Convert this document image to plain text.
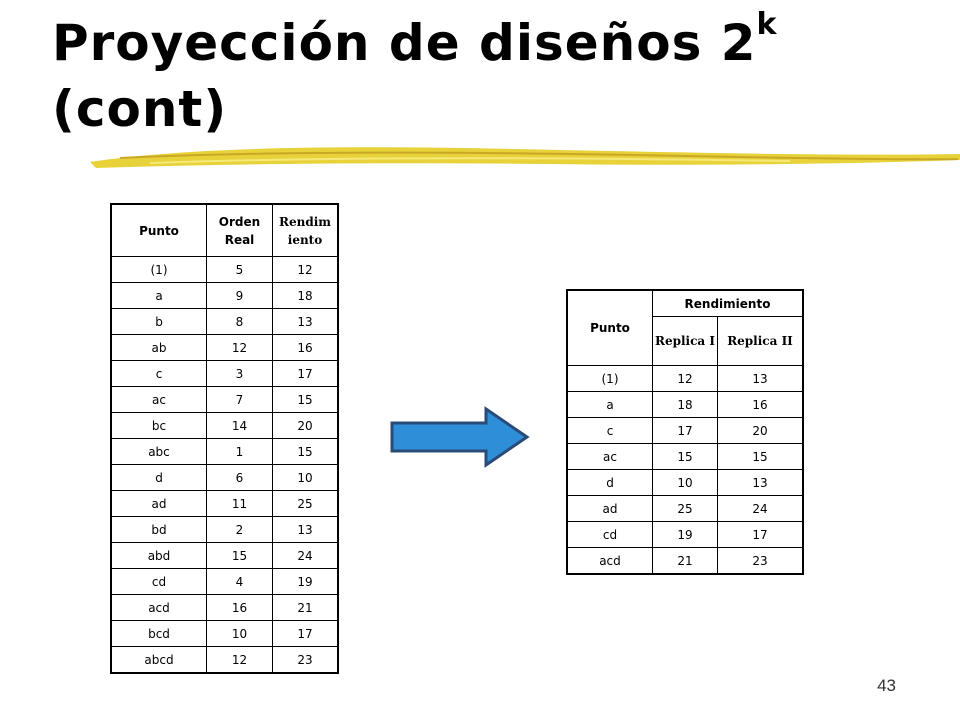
Proyección de diseños 2$^k$
(cont)
Punto	Orden Real	Rendim iento
(1)	5	12
a	9	18
b	8	13
ab	12	16
c	3	17
ac	7	15
bc	14	20
abc	1	15
d	6	10
ad	11	25
bd	2	13
abd	15	24
cd	4	19
acd	16	21
bcd	10	17
abcd	12	23
Punto	Rendimiento	
	Replica I	Replica II
(1)	12	13
a	18	16
c	17	20
ac	15	15
d	10	13
ad	25	24
cd	19	17
acd	21	23
43
